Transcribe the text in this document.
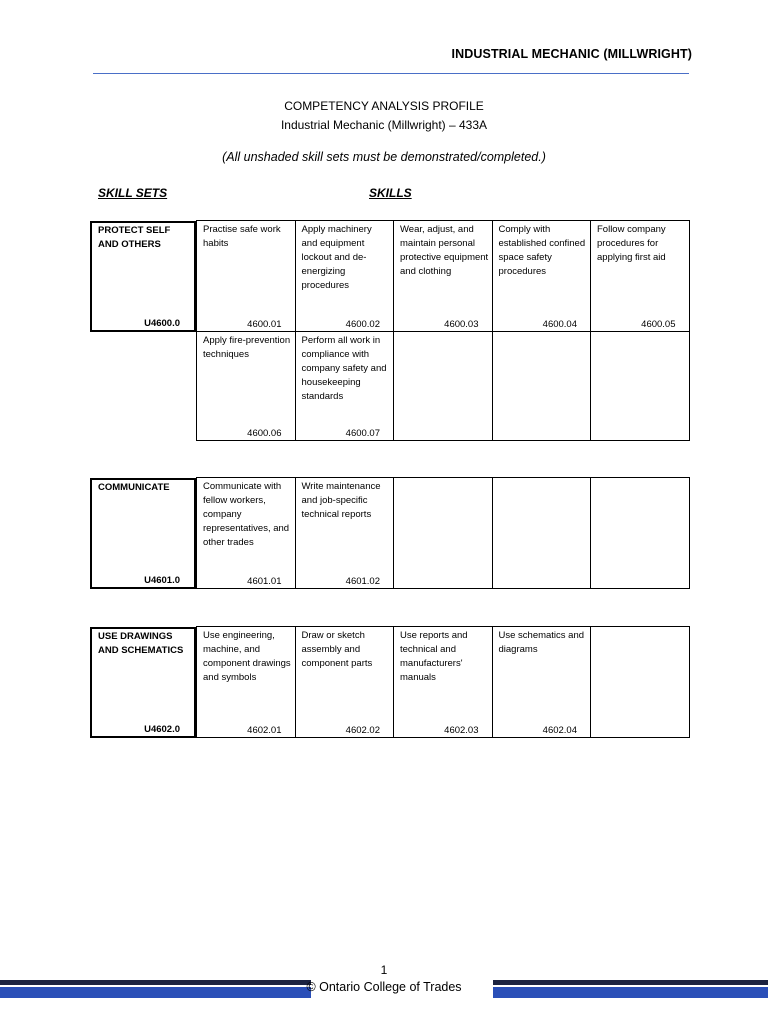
INDUSTRIAL MECHANIC (MILLWRIGHT)
COMPETENCY ANALYSIS PROFILE
Industrial Mechanic (Millwright) – 433A
(All unshaded skill sets must be demonstrated/completed.)
SKILL SETS	SKILLS
PROTECT SELF AND OTHERS
U4600.0
Practise safe work habits
4600.01
Apply machinery and equipment lockout and de-energizing procedures
4600.02
Wear, adjust, and maintain personal protective equipment and clothing
4600.03
Comply with established confined space safety procedures
4600.04
Follow company procedures for applying first aid
4600.05
Apply fire-prevention techniques
4600.06
Perform all work in compliance with company safety and housekeeping standards
4600.07
COMMUNICATE
U4601.0
Communicate with fellow workers, company representatives, and other trades
4601.01
Write maintenance and job-specific technical reports
4601.02
USE DRAWINGS AND SCHEMATICS
U4602.0
Use engineering, machine, and component drawings and symbols
4602.01
Draw or sketch assembly and component parts
4602.02
Use reports and technical and manufacturers' manuals
4602.03
Use schematics and diagrams
4602.04
1
© Ontario College of Trades
